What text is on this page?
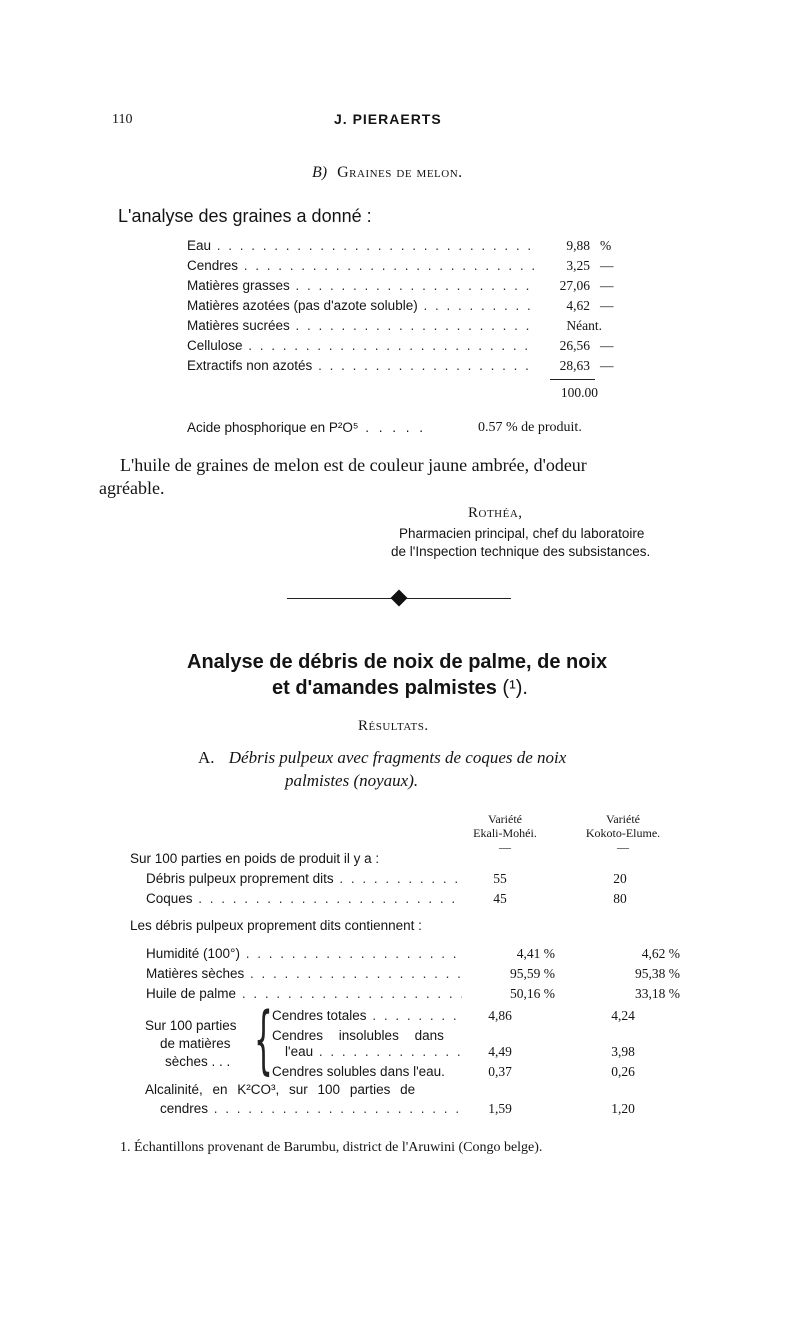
110	J. PIERAERTS
B) Graines de melon.
L'analyse des graines a donné :
Eau . . .	9,88 %
Cendres . . .	3,25 —
Matières grasses . . .	27,06 —
Matières azotées (pas d'azote soluble) . . .	4,62 —
Matières sucrées . . .	Néant.
Cellulose . . .	26,56 —
Extractifs non azotés . . .	28,63 —
100.00
Acide phosphorique en P²O⁵ . . . . .	0.57 % de produit.
L'huile de graines de melon est de couleur jaune ambrée, d'odeur
agréable.
Rothéa,
Pharmacien principal, chef du laboratoire
de l'Inspection technique des subsistances.
Analyse de débris de noix de palme, de noix
et d'amandes palmistes (¹).
Résultats.
A. Débris pulpeux avec fragments de coques de noix
palmistes (noyaux).
Variété
Ekali-Mohéi.
—
Variété
Kokoto-Elume.
—
Sur 100 parties en poids de produit il y a :
Débris pulpeux proprement dits . . .	55	20
Coques . . .	45	80
Les débris pulpeux proprement dits contiennent :
Humidité (100°) . . .	4,41 %	4,62 %
Matières sèches . . .	95,59 %	95,38 %
Huile de palme . . .	50,16 %	33,18 %
Sur 100 parties
de matières
sèches . . . { Cendres totales . . .	4,86	4,24
Cendres insolubles dans
l'eau . . .	4,49	3,98
Cendres solubles dans l'eau.	0,37	0,26
Alcalinité, en K²CO³, sur 100 parties de
cendres . . .	1,59	1,20
1. Échantillons provenant de Barumbu, district de l'Aruwini (Congo belge).
